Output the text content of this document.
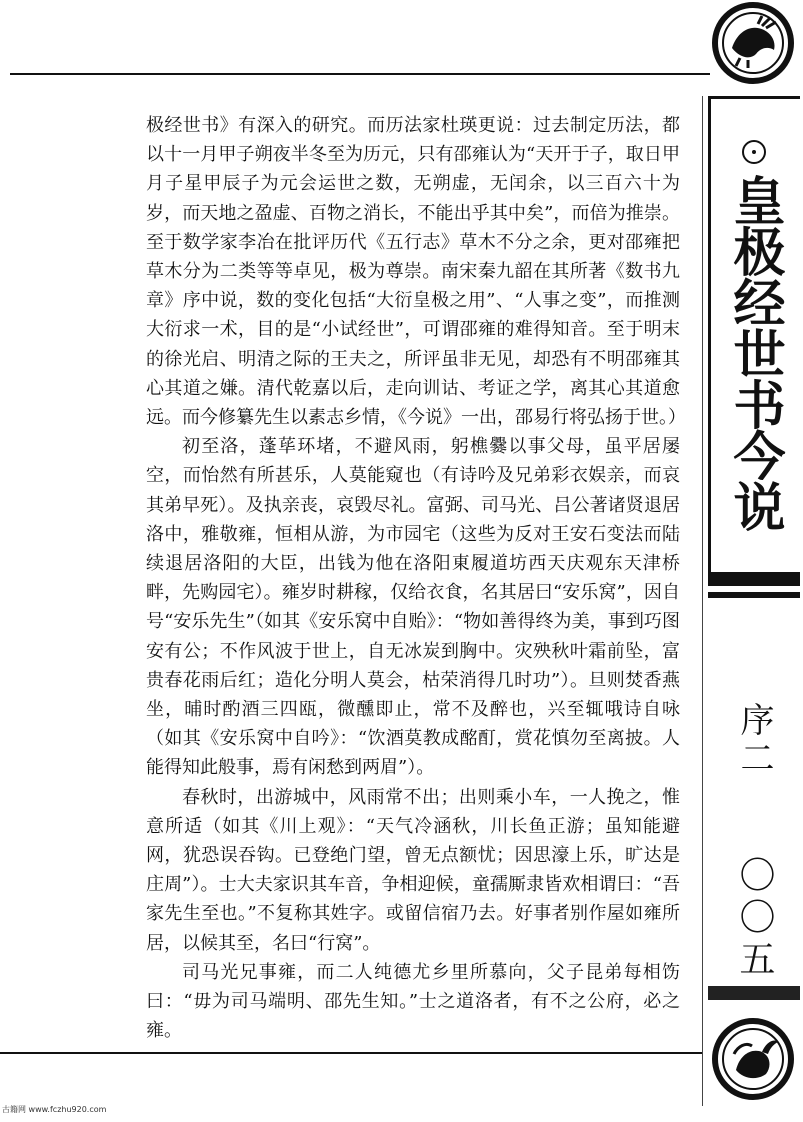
皇极经世书今说
序二
〇〇五

极经世书》有深入的研究。而历法家杜瑛更说：过去制定历法，都以十一月甲子朔夜半冬至为历元，只有邵雍认为“天开于子，取日甲月子星甲辰子为元会运世之数，无朔虚，无闰余，以三百六十为岁，而天地之盈虚、百物之消长，不能出乎其中矣”，而倍为推崇。至于数学家李冶在批评历代《五行志》草木不分之余，更对邵雍把草木分为二类等等卓见，极为尊崇。南宋秦九韶在其所著《数书九章》序中说，数的变化包括“大衍皇极之用”、“人事之变”，而推测大衍求一术，目的是“小试经世”，可谓邵雍的难得知音。至于明末的徐光启、明清之际的王夫之，所评虽非无见，却恐有不明邵雍其心其道之嫌。清代乾嘉以后，走向训诂、考证之学，离其心其道愈远。而今修纂先生以素志乡情，《今说》一出，邵易行将弘扬于世。）

初至洛，蓬荜环堵，不避风雨，躬樵爨以事父母，虽平居屡空，而怡然有所甚乐，人莫能窥也（有诗吟及兄弟彩衣娱亲，而哀其弟早死）。及执亲丧，哀毁尽礼。富弼、司马光、吕公著诸贤退居洛中，雅敬雍，恒相从游，为市园宅（这些为反对王安石变法而陆续退居洛阳的大臣，出钱为他在洛阳東履道坊西天庆观东天津桥畔，先购园宅）。雍岁时耕稼，仅给衣食，名其居曰“安乐窝”，因自号“安乐先生”（如其《安乐窝中自贻》：“物如善得终为美，事到巧图安有公；不作风波于世上，自无冰炭到胸中。灾殃秋叶霜前坠，富贵春花雨后红；造化分明人莫会，枯荣消得几时功”）。旦则焚香燕坐，晡时酌酒三四瓯，微醺即止，常不及醉也，兴至辄哦诗自咏（如其《安乐窝中自吟》：“饮酒莫教成酩酊，赏花慎勿至离披。人能得知此般事，焉有闲愁到两眉”）。

春秋时，出游城中，风雨常不出；出则乘小车，一人挽之，惟意所适（如其《川上观》：“天气冷涵秋，川长鱼正游；虽知能避网，犹恐误吞钩。已登绝门望，曾无点额忧；因思濠上乐，旷达是庄周”）。士大夫家识其车音，争相迎候，童孺厮隶皆欢相谓曰：“吾家先生至也。”不复称其姓字。或留信宿乃去。好事者别作屋如雍所居，以候其至，名曰“行窝”。

司马光兄事雍，而二人纯德尤乡里所慕向，父子昆弟每相饬曰：“毋为司马端明、邵先生知。”士之道洛者，有不之公府，必之雍。

古籍网 www.fczhu920.com
